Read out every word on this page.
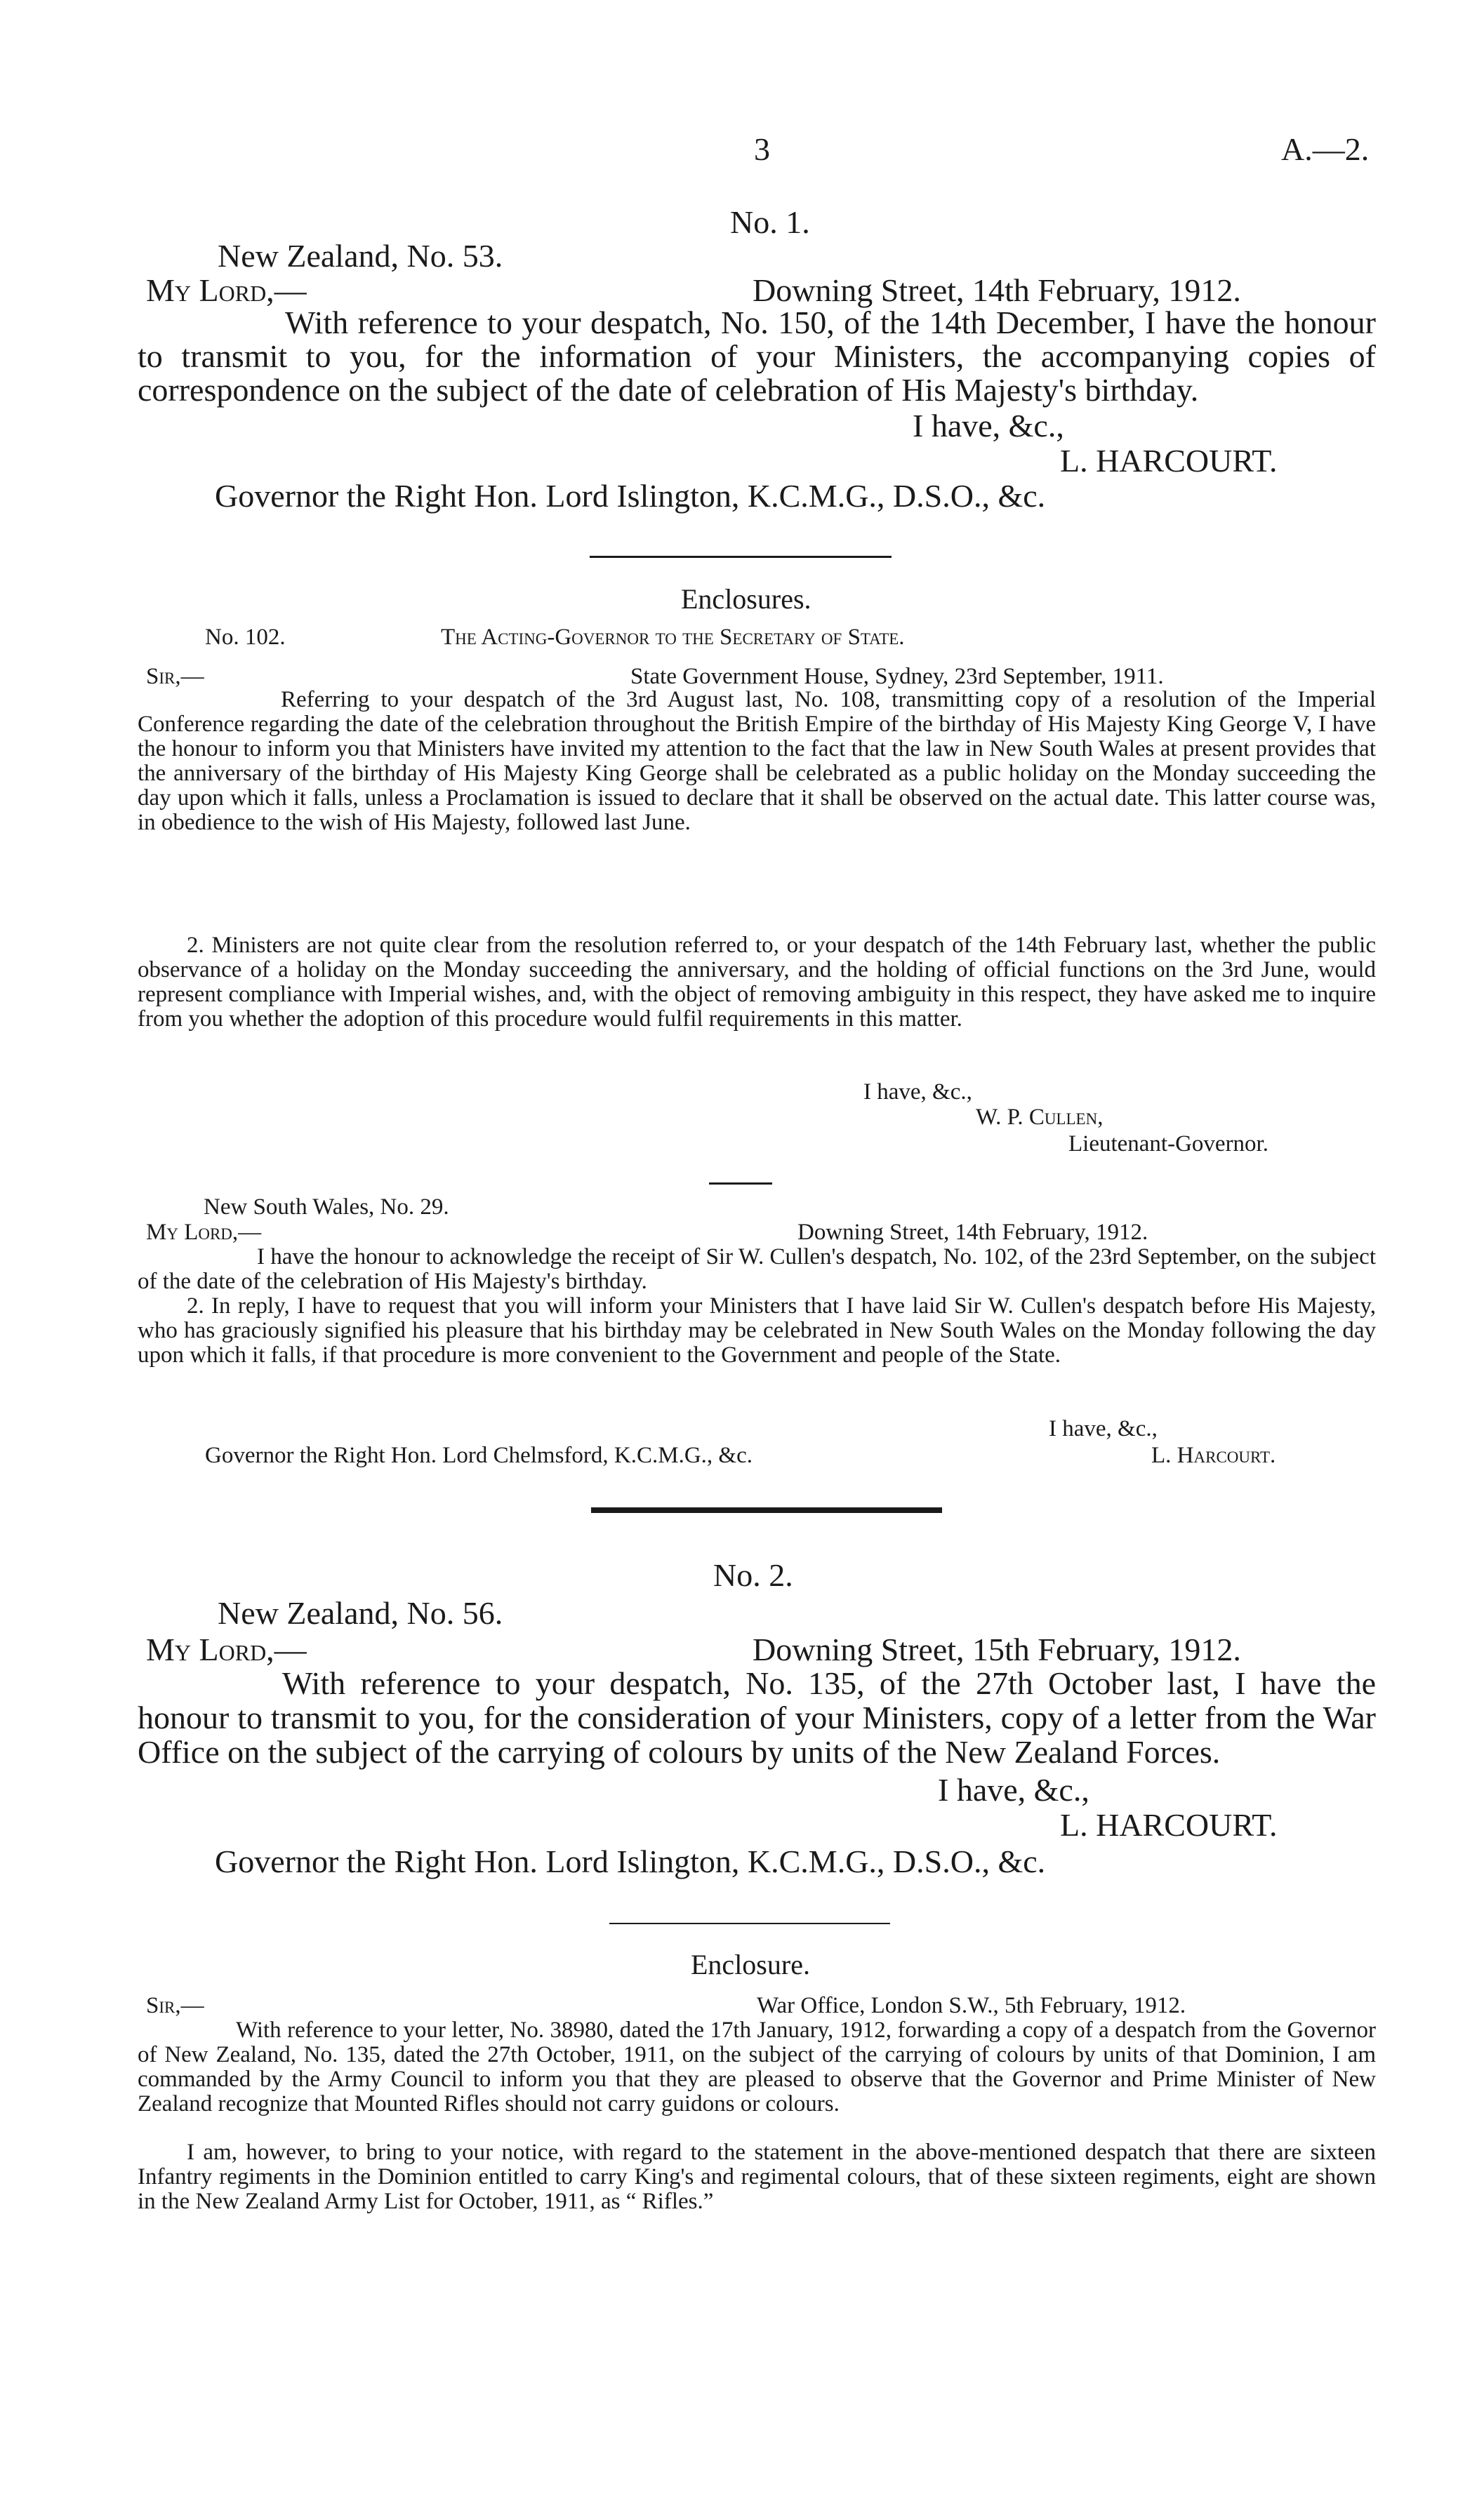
3	A.—2.
No. 1.
New Zealand, No. 53.
My Lord,—	Downing Street, 14th February, 1912.
With reference to your despatch, No. 150, of the 14th December, I have the honour to transmit to you, for the information of your Ministers, the accompanying copies of correspondence on the subject of the date of celebration of His Majesty's birthday.
I have, &c.,
L. HARCOURT.
Governor the Right Hon. Lord Islington, K.C.M.G., D.S.O., &c.
Enclosures.
No. 102.	The Acting-Governor to the Secretary of State.
Sir,—	State Government House, Sydney, 23rd September, 1911.
Referring to your despatch of the 3rd August last, No. 108, transmitting copy of a resolution of the Imperial Conference regarding the date of the celebration throughout the British Empire of the birthday of His Majesty King George V, I have the honour to inform you that Ministers have invited my attention to the fact that the law in New South Wales at present provides that the anniversary of the birthday of His Majesty King George shall be celebrated as a public holiday on the Monday succeeding the day upon which it falls, unless a Proclamation is issued to declare that it shall be observed on the actual date. This latter course was, in obedience to the wish of His Majesty, followed last June.
2. Ministers are not quite clear from the resolution referred to, or your despatch of the 14th February last, whether the public observance of a holiday on the Monday succeeding the anniversary, and the holding of official functions on the 3rd June, would represent compliance with Imperial wishes, and, with the object of removing ambiguity in this respect, they have asked me to inquire from you whether the adoption of this procedure would fulfil requirements in this matter.
I have, &c.,
W. P. Cullen,
Lieutenant-Governor.
New South Wales, No. 29.
My Lord,—	Downing Street, 14th February, 1912.
I have the honour to acknowledge the receipt of Sir W. Cullen's despatch, No. 102, of the 23rd September, on the subject of the date of the celebration of His Majesty's birthday.
2. In reply, I have to request that you will inform your Ministers that I have laid Sir W. Cullen's despatch before His Majesty, who has graciously signified his pleasure that his birthday may be celebrated in New South Wales on the Monday following the day upon which it falls, if that procedure is more convenient to the Government and people of the State.
I have, &c.,
Governor the Right Hon. Lord Chelmsford, K.C.M.G., &c.	L. Harcourt.
No. 2.
New Zealand, No. 56.
My Lord,—	Downing Street, 15th February, 1912.
With reference to your despatch, No. 135, of the 27th October last, I have the honour to transmit to you, for the consideration of your Ministers, copy of a letter from the War Office on the subject of the carrying of colours by units of the New Zealand Forces.
I have, &c.,
L. HARCOURT.
Governor the Right Hon. Lord Islington, K.C.M.G., D.S.O., &c.
Enclosure.
Sir,—	War Office, London S.W., 5th February, 1912.
With reference to your letter, No. 38980, dated the 17th January, 1912, forwarding a copy of a despatch from the Governor of New Zealand, No. 135, dated the 27th October, 1911, on the subject of the carrying of colours by units of that Dominion, I am commanded by the Army Council to inform you that they are pleased to observe that the Governor and Prime Minister of New Zealand recognize that Mounted Rifles should not carry guidons or colours.
I am, however, to bring to your notice, with regard to the statement in the above-mentioned despatch that there are sixteen Infantry regiments in the Dominion entitled to carry King's and regimental colours, that of these sixteen regiments, eight are shown in the New Zealand Army List for October, 1911, as “ Rifles.”
